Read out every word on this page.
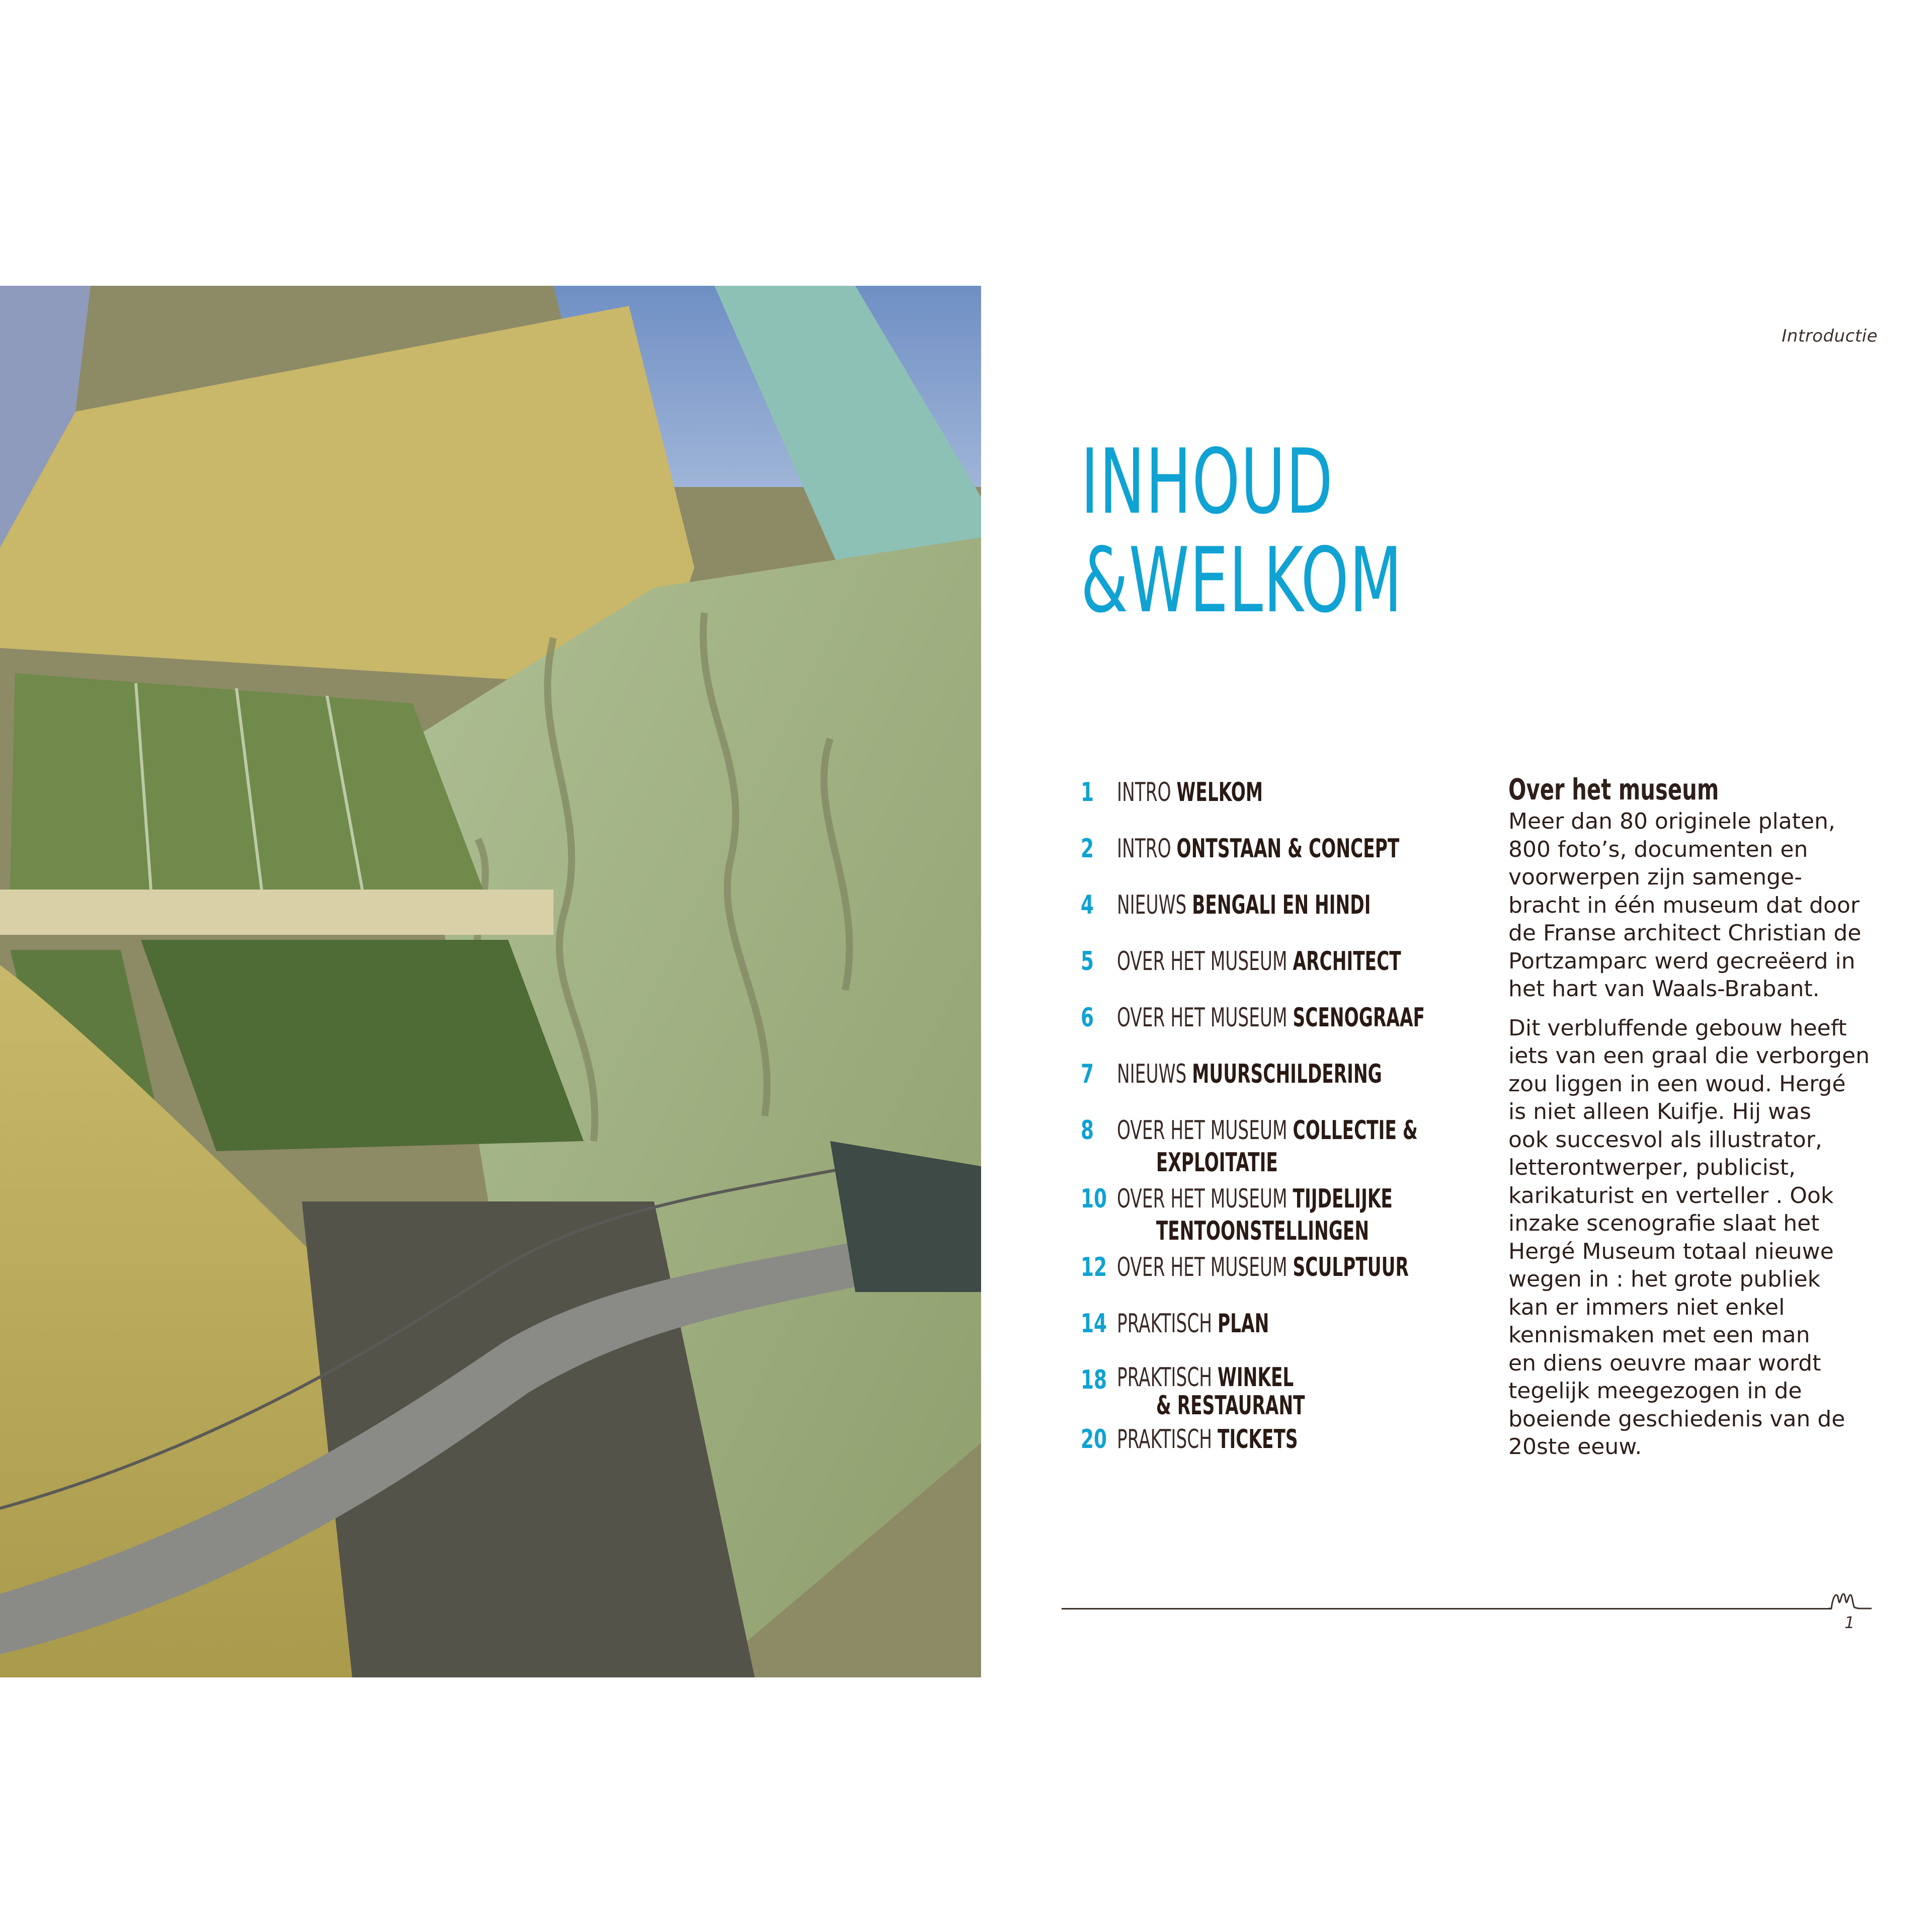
Introductie
INHOUD
&WELKOM
1 INTRO WELKOM
2 INTRO ONTSTAAN & CONCEPT
4 NIEUWS BENGALI EN HINDI
5 OVER HET MUSEUM ARCHITECT
6 OVER HET MUSEUM SCENOGRAAF
7 NIEUWS MUURSCHILDERING
8 OVER HET MUSEUM COLLECTIE &
EXPLOITATIE
10 OVER HET MUSEUM TIJDELIJKE
TENTOONSTELLINGEN
12 OVER HET MUSEUM SCULPTUUR
14 PRAKTISCH PLAN
18 PRAKTISCH WINKEL
& RESTAURANT
20 PRAKTISCH TICKETS
Over het museum

Meer dan 80 originele platen,
800 foto’s, documenten en
voorwerpen zijn samenge-
bracht in één museum dat door
de Franse architect Christian de
Portzamparc werd gecreëerd in
het hart van Waals-Brabant.

Dit verbluffende gebouw heeft
iets van een graal die verborgen
zou liggen in een woud. Hergé
is niet alleen Kuifje. Hij was
ook succesvol als illustrator,
letterontwerper, publicist,
karikaturist en verteller . Ook
inzake scenografie slaat het
Hergé Museum totaal nieuwe
wegen in : het grote publiek
kan er immers niet enkel
kennismaken met een man
en diens oeuvre maar wordt
tegelijk meegezogen in de
boeiende geschiedenis van de
20ste eeuw.

1
